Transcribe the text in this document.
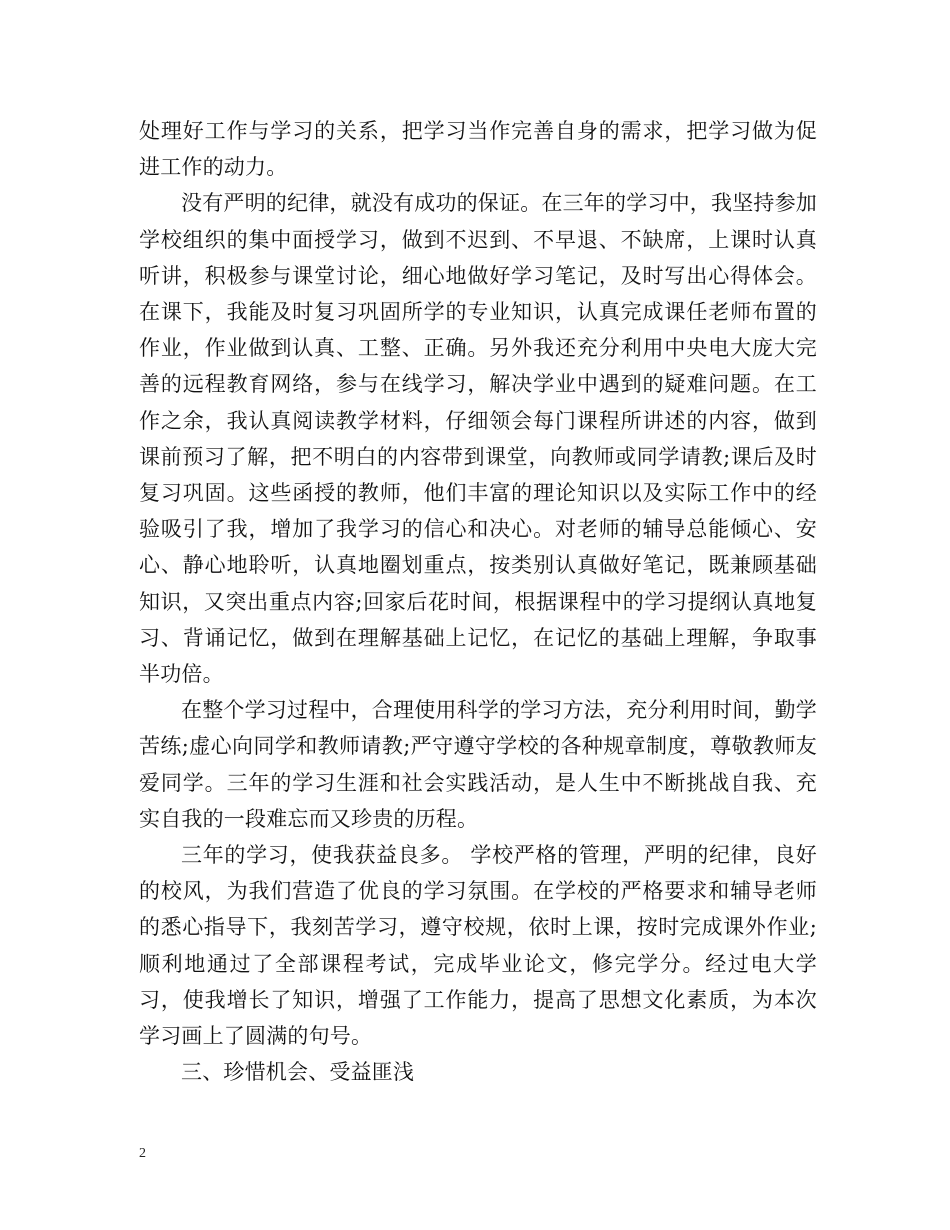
处理好工作与学习的关系，把学习当作完善自身的需求，把学习做为促进工作的动力。

没有严明的纪律，就没有成功的保证。在三年的学习中，我坚持参加学校组织的集中面授学习，做到不迟到、不早退、不缺席，上课时认真听讲，积极参与课堂讨论，细心地做好学习笔记，及时写出心得体会。在课下，我能及时复习巩固所学的专业知识，认真完成课任老师布置的作业，作业做到认真、工整、正确。另外我还充分利用中央电大庞大完善的远程教育网络，参与在线学习，解决学业中遇到的疑难问题。在工作之余，我认真阅读教学材料，仔细领会每门课程所讲述的内容，做到课前预习了解，把不明白的内容带到课堂，向教师或同学请教;课后及时复习巩固。这些函授的教师，他们丰富的理论知识以及实际工作中的经验吸引了我，增加了我学习的信心和决心。对老师的辅导总能倾心、安心、静心地聆听，认真地圈划重点，按类别认真做好笔记，既兼顾基础知识，又突出重点内容;回家后花时间，根据课程中的学习提纲认真地复习、背诵记忆，做到在理解基础上记忆，在记忆的基础上理解，争取事半功倍。

在整个学习过程中，合理使用科学的学习方法，充分利用时间，勤学苦练;虚心向同学和教师请教;严守遵守学校的各种规章制度，尊敬教师友爱同学。三年的学习生涯和社会实践活动，是人生中不断挑战自我、充实自我的一段难忘而又珍贵的历程。

三年的学习，使我获益良多。 学校严格的管理，严明的纪律，良好的校风，为我们营造了优良的学习氛围。在学校的严格要求和辅导老师的悉心指导下，我刻苦学习，遵守校规，依时上课，按时完成课外作业;顺利地通过了全部课程考试，完成毕业论文，修完学分。经过电大学习，使我增长了知识，增强了工作能力，提高了思想文化素质，为本次学习画上了圆满的句号。

三、珍惜机会、受益匪浅

2
